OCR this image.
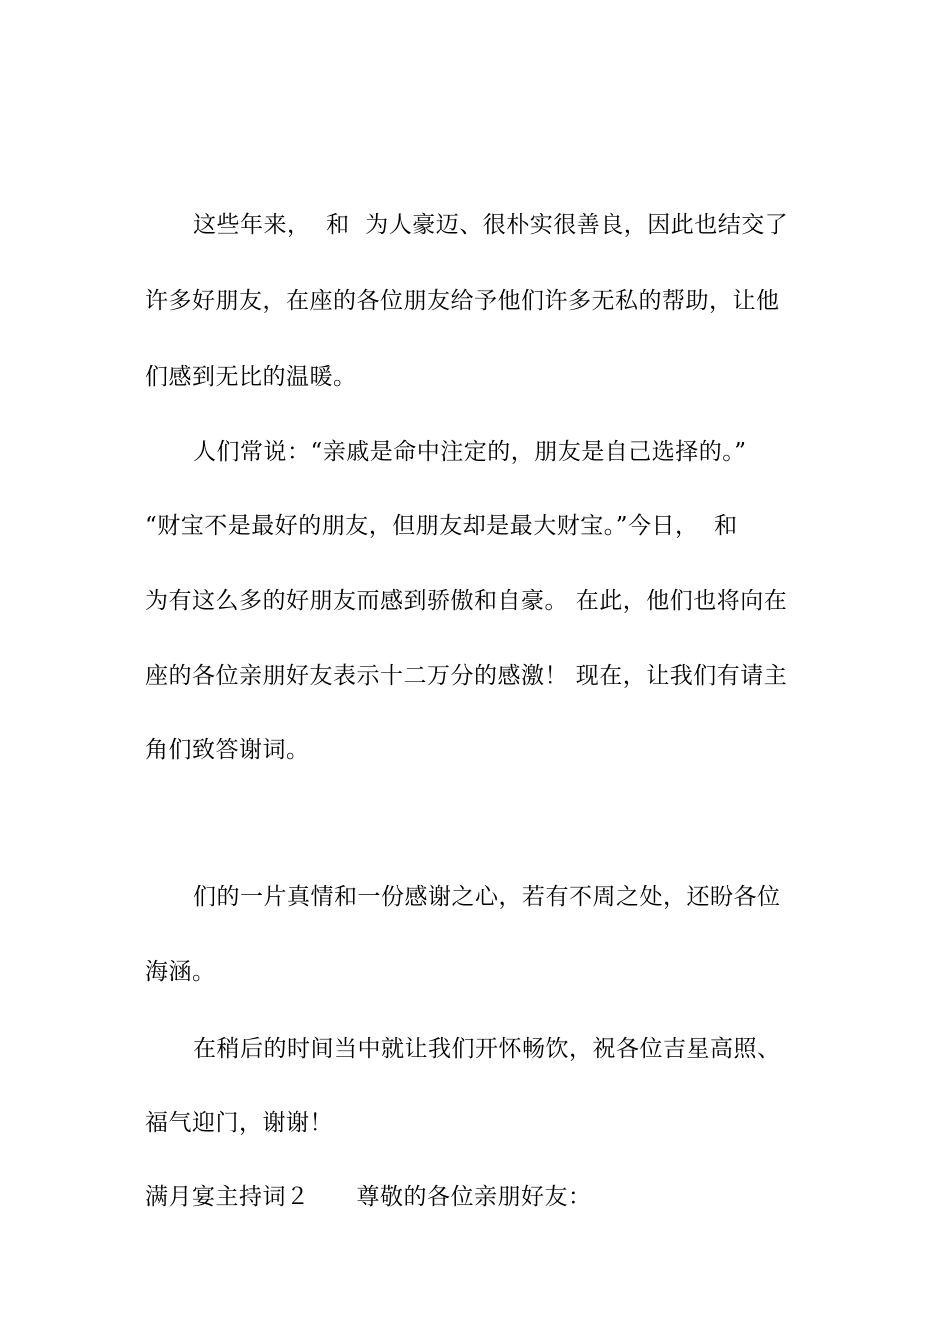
这些年来，  和  为人豪迈、很朴实很善良，因此也结交了
许多好朋友，在座的各位朋友给予他们许多无私的帮助，让他
们感到无比的温暖。
人们常说：“亲戚是命中注定的，朋友是自己选择的。”
“财宝不是最好的朋友，但朋友却是最大财宝。”今日，  和
为有这么多的好朋友而感到骄傲和自豪。 在此，他们也将向在
座的各位亲朋好友表示十二万分的感激！ 现在，让我们有请主
角们致答谢词。
们的一片真情和一份感谢之心，若有不周之处，还盼各位
海涵。
在稍后的时间当中就让我们开怀畅饮，祝各位吉星高照、
福气迎门，谢谢！
满月宴主持词２　　尊敬的各位亲朋好友：
